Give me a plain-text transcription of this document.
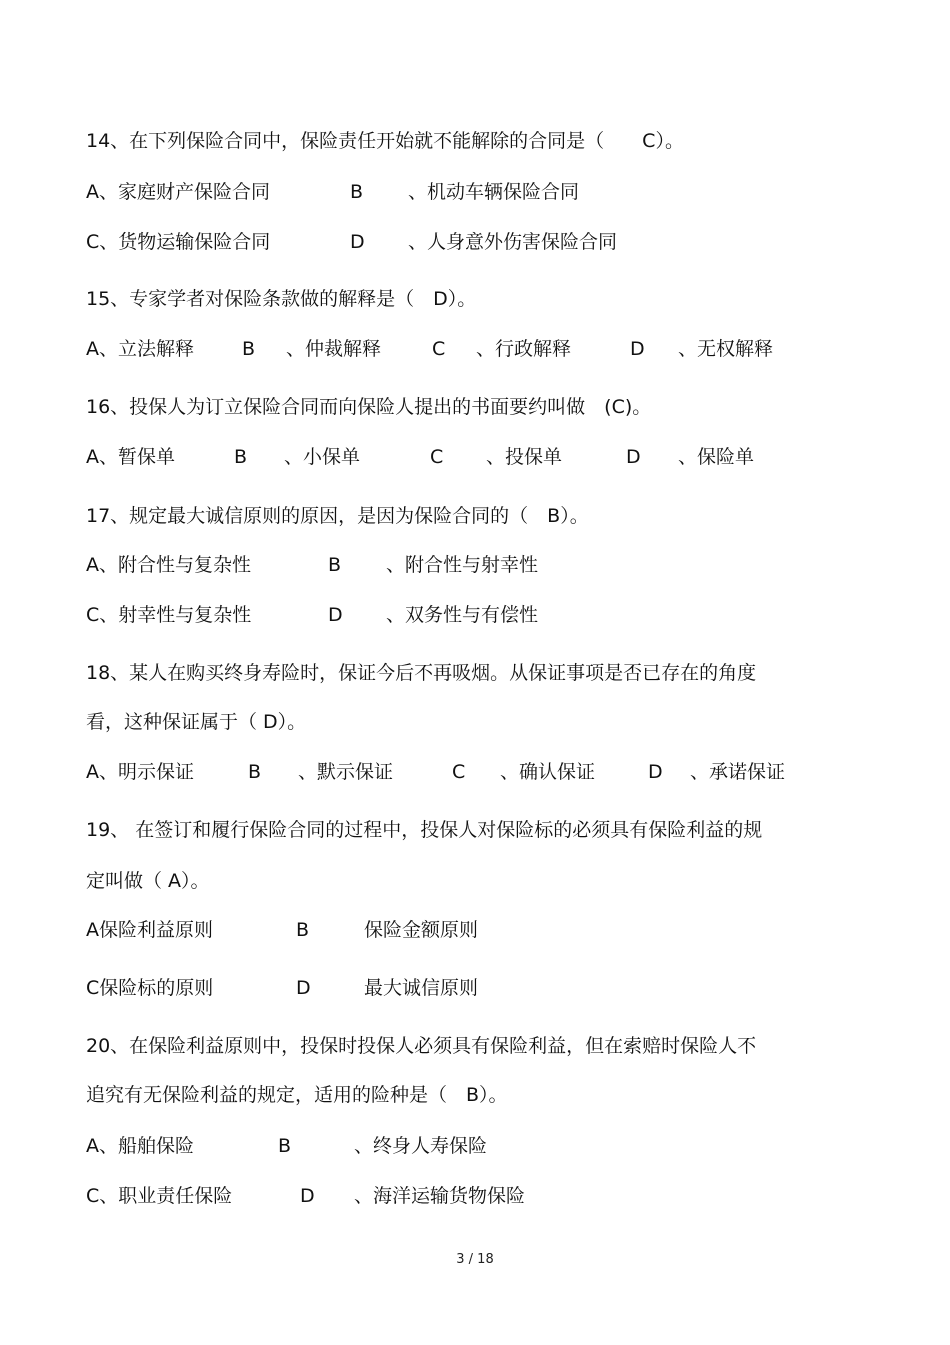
14、在下列保险合同中，保险责任开始就不能解除的合同是（　　C）。
A、家庭财产保险合同	B 、机动车辆保险合同
C、货物运输保险合同	D 、人身意外伤害保险合同
15、专家学者对保险条款做的解释是（　D）。
A、立法解释	B 、仲裁解释	C 、行政解释	D 、无权解释
16、投保人为订立保险合同而向保险人提出的书面要约叫做　(C)。
A、暂保单	B 、小保单	C 、投保单	D 、保险单
17、规定最大诚信原则的原因，是因为保险合同的（　B）。
A、附合性与复杂性	B 、附合性与射幸性
C、射幸性与复杂性	D 、双务性与有偿性
18、某人在购买终身寿险时，保证今后不再吸烟。从保证事项是否已存在的角度
看，这种保证属于（ D）。
A、明示保证	B 、默示保证	C 、确认保证	D 、承诺保证
19、 在签订和履行保险合同的过程中，投保人对保险标的必须具有保险利益的规
定叫做（ A）。
A保险利益原则	B	保险金额原则
C保险标的原则	D	最大诚信原则
20、在保险利益原则中，投保时投保人必须具有保险利益，但在索赔时保险人不
追究有无保险利益的规定，适用的险种是（　B）。
A、船舶保险	B	、终身人寿保险
C、职业责任保险	D 、海洋运输货物保险
3 / 18
